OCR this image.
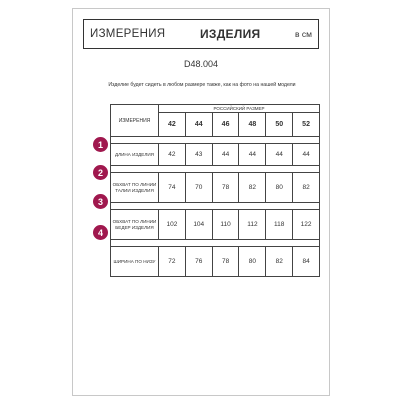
ИЗМЕРЕНИЯ	ИЗДЕЛИЯ	в см
D48.004
Изделие будет сидеть в любом размере также, как на фото на нашей модели
ИЗМЕРЕНИЯ	РОССИЙСКИЙ РАЗМЕР					
	42	44	46	48	50	52

ДЛИНА ИЗДЕЛИЯ	42	43	44	44	44	44

ОБХВАТ ПО ЛИНИИ ТАЛИИ ИЗДЕЛИЯ	74	70	78	82	80	82

ОБХВАТ ПО ЛИНИИ БЕДЕР ИЗДЕЛИЯ	102	104	110	112	118	122

ШИРИНА ПО НИЗУ	72	76	78	80	82	84
1
2
3
4
